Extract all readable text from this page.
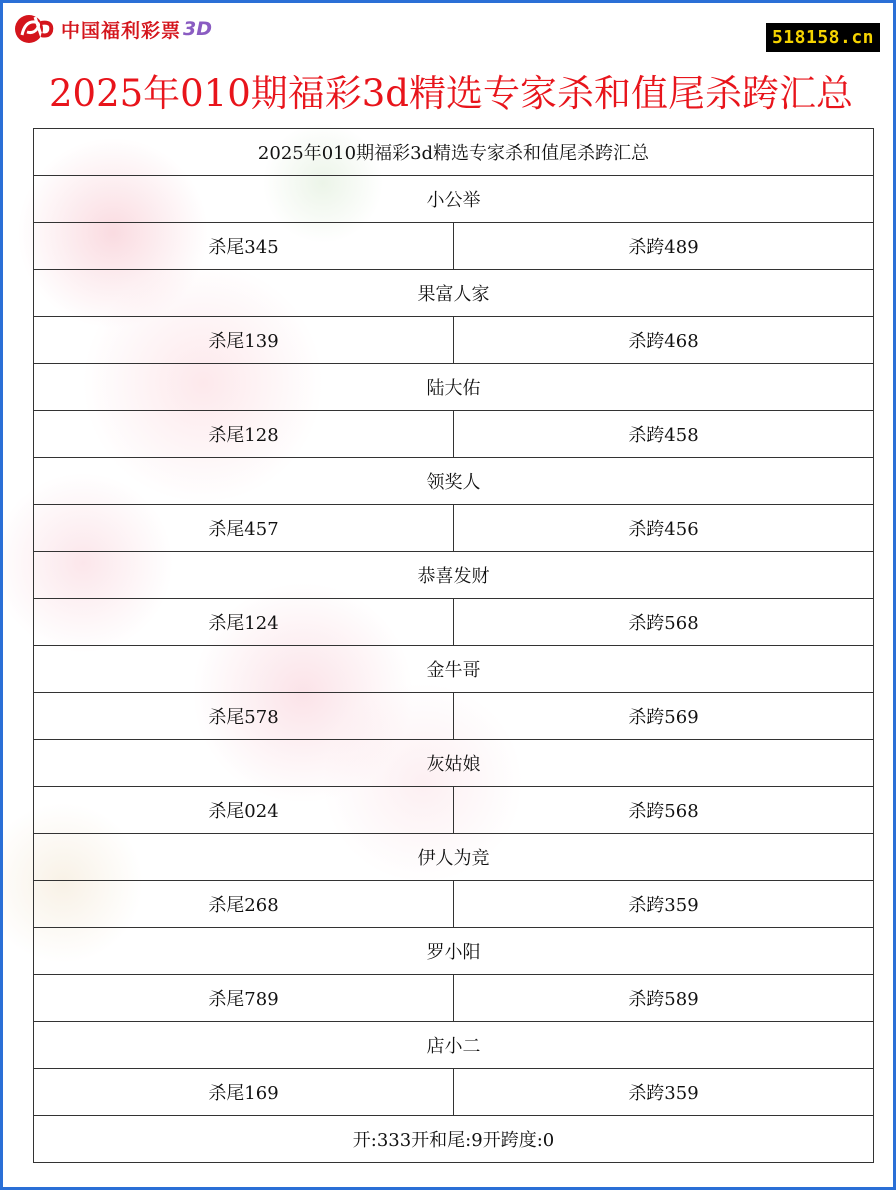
中国福利彩票 3D	518158.cn
2025年010期福彩3d精选专家杀和值尾杀跨汇总
2025年010期福彩3d精选专家杀和值尾杀跨汇总	
小公举	
杀尾345	杀跨489
果富人家	
杀尾139	杀跨468
陆大佑	
杀尾128	杀跨458
领奖人	
杀尾457	杀跨456
恭喜发财	
杀尾124	杀跨568
金牛哥	
杀尾578	杀跨569
灰姑娘	
杀尾024	杀跨568
伊人为竞	
杀尾268	杀跨359
罗小阳	
杀尾789	杀跨589
店小二	
杀尾169	杀跨359
开:333开和尾:9开跨度:0	
